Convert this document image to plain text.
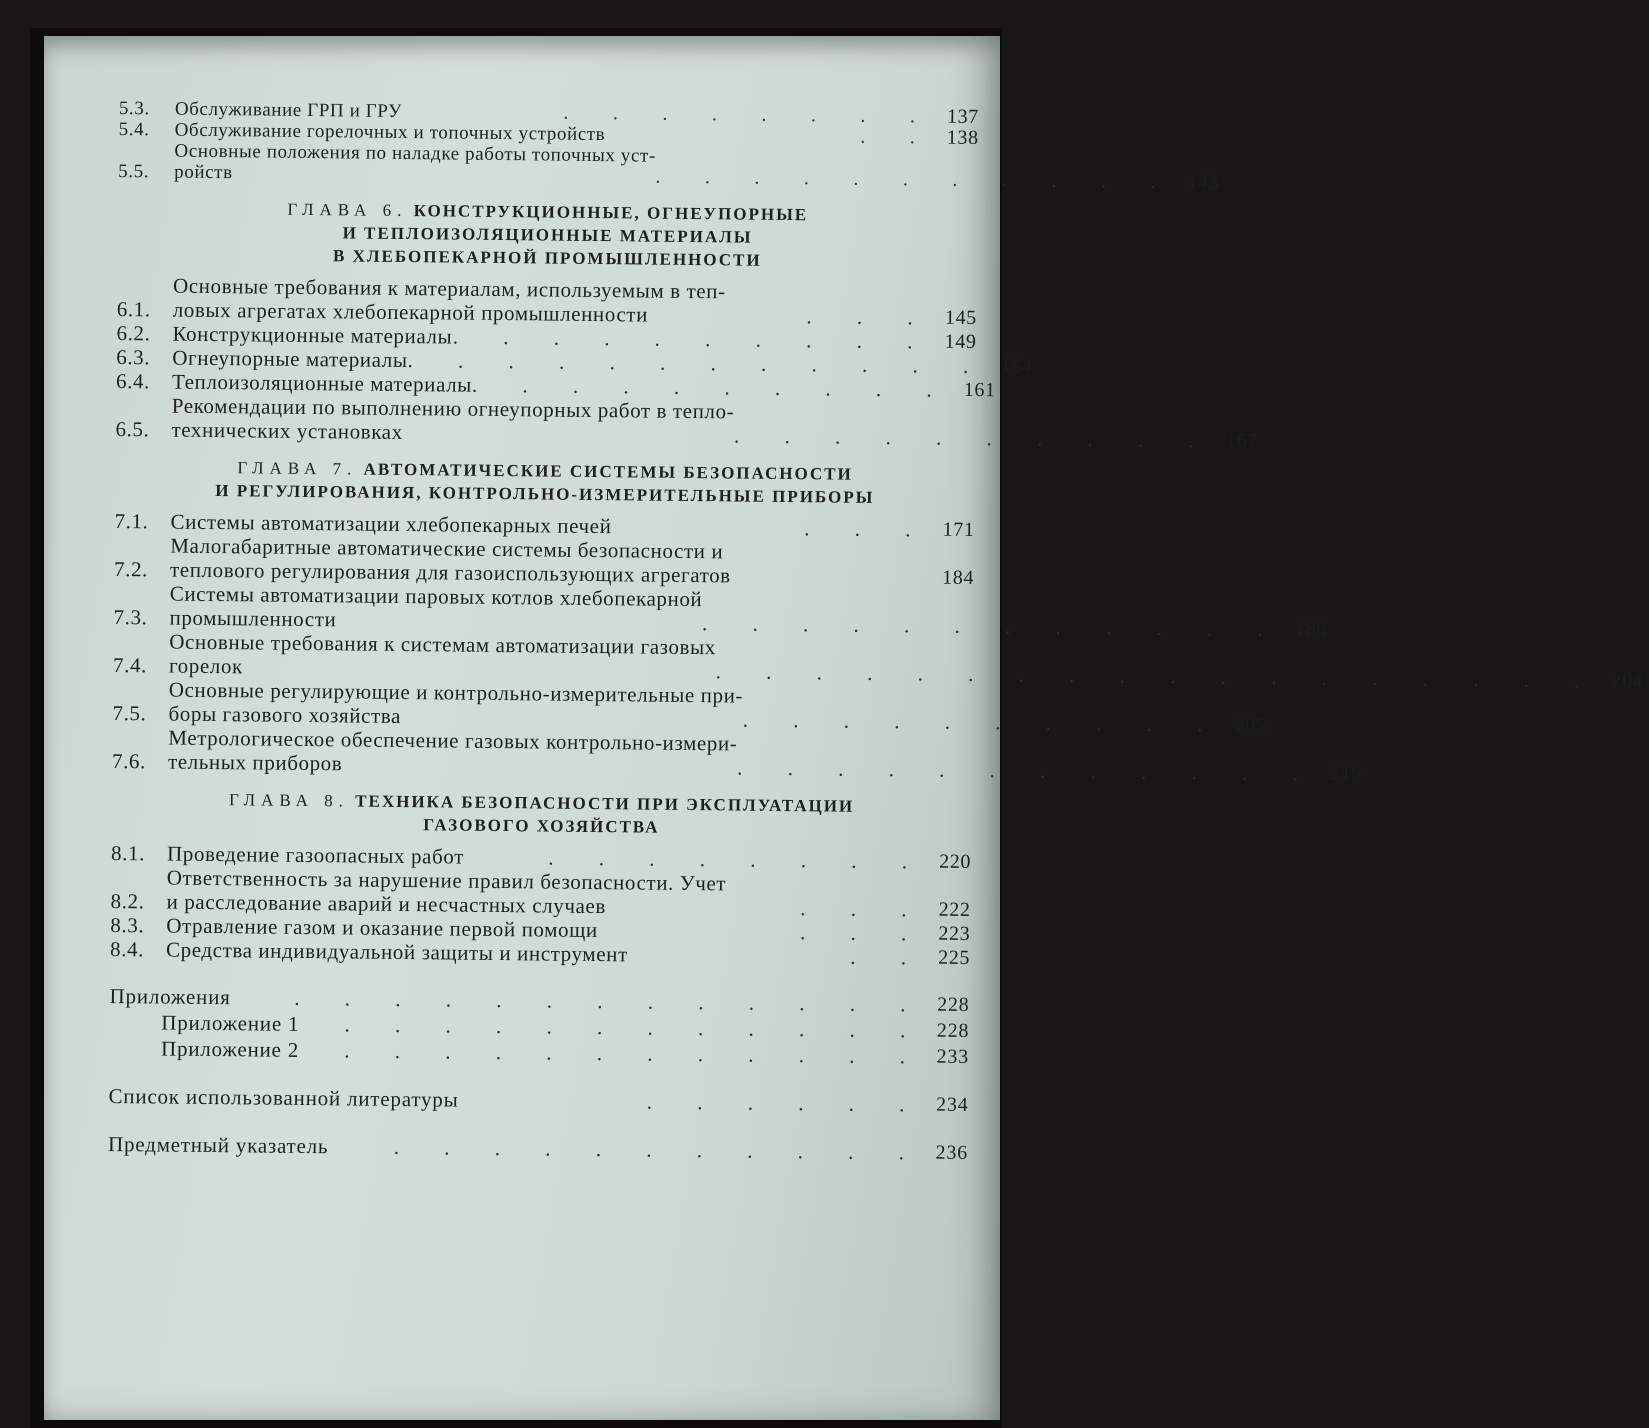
5.3.	Обслуживание ГРП и ГРУ	. . . . . . . . 137
5.4.	Обслуживание горелочных и топочных устройств	. . 138
5.5.
Основные положения по наладке работы топочных уст-
ройств	. . . . . . . . . . . 143
ГЛАВА 6. КОНСТРУКЦИОННЫЕ, ОГНЕУПОРНЫЕ
И ТЕПЛОИЗОЛЯЦИОННЫЕ МАТЕРИАЛЫ
В ХЛЕБОПЕКАРНОЙ ПРОМЫШЛЕННОСТИ
6.1.
Основные требования к материалам, используемым в теп-
ловых агрегатах хлебопекарной промышленности	. . . 145
6.2.	Конструкционные материалы . . . . . . . . . . 149
6.3.	Огнеупорные материалы . . . . . . . . . . . . 154
6.4.	Теплоизоляционные материалы . . . . . . . . . . 161
6.5.
Рекомендации по выполнению огнеупорных работ в тепло-
технических установках	. . . . . . . . . . 167
ГЛАВА 7. АВТОМАТИЧЕСКИЕ СИСТЕМЫ БЕЗОПАСНОСТИ
И РЕГУЛИРОВАНИЯ, КОНТРОЛЬНО-ИЗМЕРИТЕЛЬНЫЕ ПРИБОРЫ
7.1.	Системы автоматизации хлебопекарных печей	. . . 171
7.2.
Малогабаритные автоматические системы безопасности и
теплового регулирования для газоиспользующих агрегатов	184
7.3.
Системы автоматизации паровых котлов хлебопекарной
промышленности	. . . . . . . . . . . . 188
7.4.
Основные требования к системам автоматизации газовых
горелок	. . . . . . . . . . . . . . . . . . 204
7.5.
Основные регулирующие и контрольно-измерительные при-
боры газового хозяйства	. . . . . . . . . . 205
7.6.
Метрологическое обеспечение газовых контрольно-измери-
тельных приборов	. . . . . . . . . . . . 219
ГЛАВА 8. ТЕХНИКА БЕЗОПАСНОСТИ ПРИ ЭКСПЛУАТАЦИИ
ГАЗОВОГО ХОЗЯЙСТВА
8.1.	Проведение газоопасных работ	. . . . . . . . 220
8.2.
Ответственность за нарушение правил безопасности. Учет
и расследование аварий и несчастных случаев	. . . 222
8.3.	Отравление газом и оказание первой помощи	. . . 223
8.4.	Средства индивидуальной защиты и инструмент	. . 225
Приложения	. . . . . . . . . . . . . 228
Приложение 1	. . . . . . . . . . . . 228
Приложение 2	. . . . . . . . . . . . 233
Список использованной литературы	. . . . . . 234
Предметный указатель	. . . . . . . . . . . 236
